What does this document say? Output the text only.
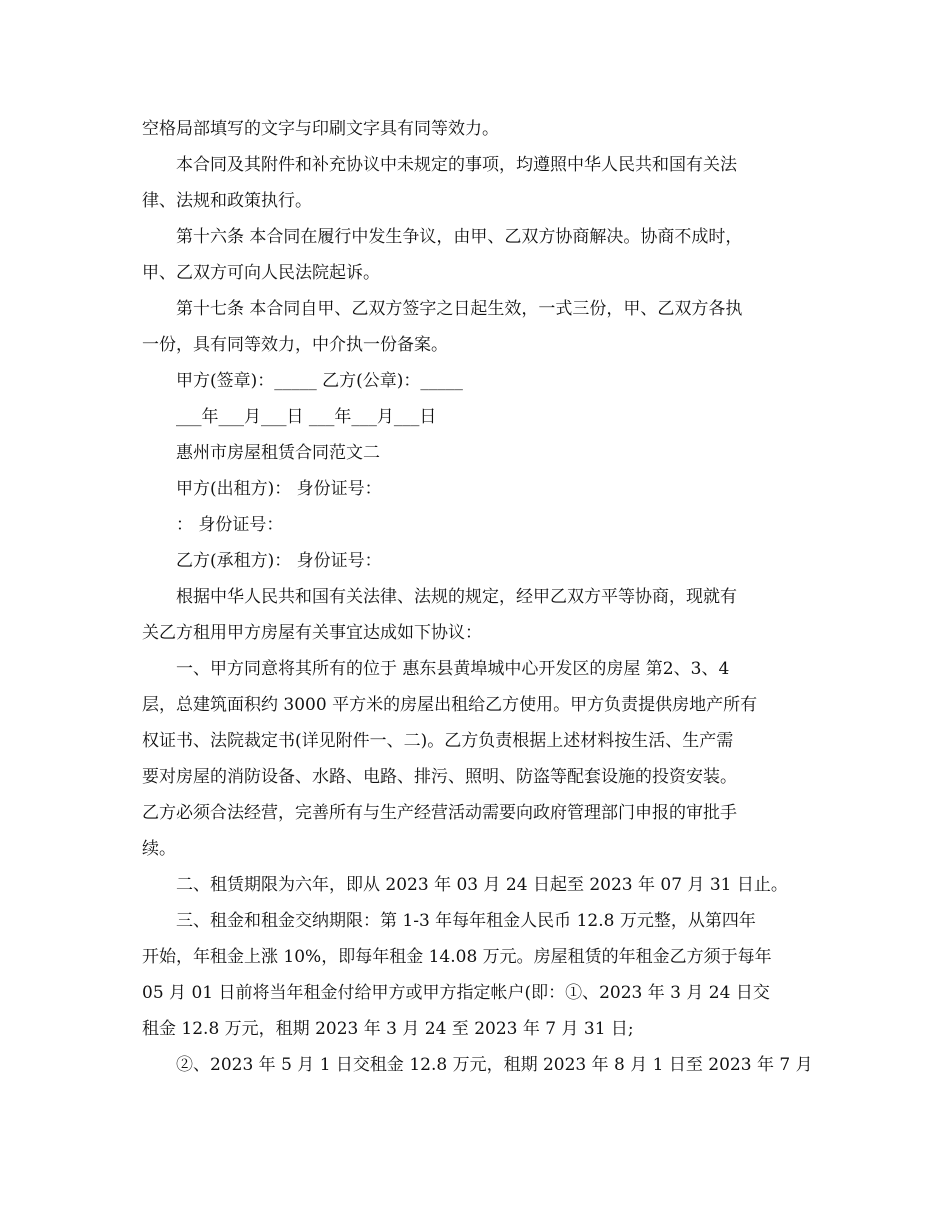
空格局部填写的文字与印刷文字具有同等效力。
本合同及其附件和补充协议中未规定的事项，均遵照中华人民共和国有关法
律、法规和政策执行。
第十六条 本合同在履行中发生争议，由甲、乙双方协商解决。协商不成时，
甲、乙双方可向人民法院起诉。
第十七条 本合同自甲、乙双方签字之日起生效，一式三份，甲、乙双方各执
一份，具有同等效力，中介执一份备案。
甲方(签章)：_____ 乙方(公章)：_____
___年___月___日 ___年___月___日
惠州市房屋租赁合同范文二
甲方(出租方)： 身份证号：
： 身份证号：
乙方(承租方)： 身份证号：
根据中华人民共和国有关法律、法规的规定，经甲乙双方平等协商，现就有
关乙方租用甲方房屋有关事宜达成如下协议：
一、甲方同意将其所有的位于 惠东县黄埠城中心开发区的房屋 第2、3、4
层，总建筑面积约 3000 平方米的房屋出租给乙方使用。甲方负责提供房地产所有
权证书、法院裁定书(详见附件一、二)。乙方负责根据上述材料按生活、生产需
要对房屋的消防设备、水路、电路、排污、照明、防盗等配套设施的投资安装。
乙方必须合法经营，完善所有与生产经营活动需要向政府管理部门申报的审批手
续。
二、租赁期限为六年，即从 2023 年 03 月 24 日起至 2023 年 07 月 31 日止。
三、租金和租金交纳期限：第 1-3 年每年租金人民币 12.8 万元整，从第四年
开始，年租金上涨 10%，即每年租金 14.08 万元。房屋租赁的年租金乙方须于每年
05 月 01 日前将当年租金付给甲方或甲方指定帐户(即：①、2023 年 3 月 24 日交
租金 12.8 万元，租期 2023 年 3 月 24 至 2023 年 7 月 31 日;
②、2023 年 5 月 1 日交租金 12.8 万元，租期 2023 年 8 月 1 日至 2023 年 7 月
